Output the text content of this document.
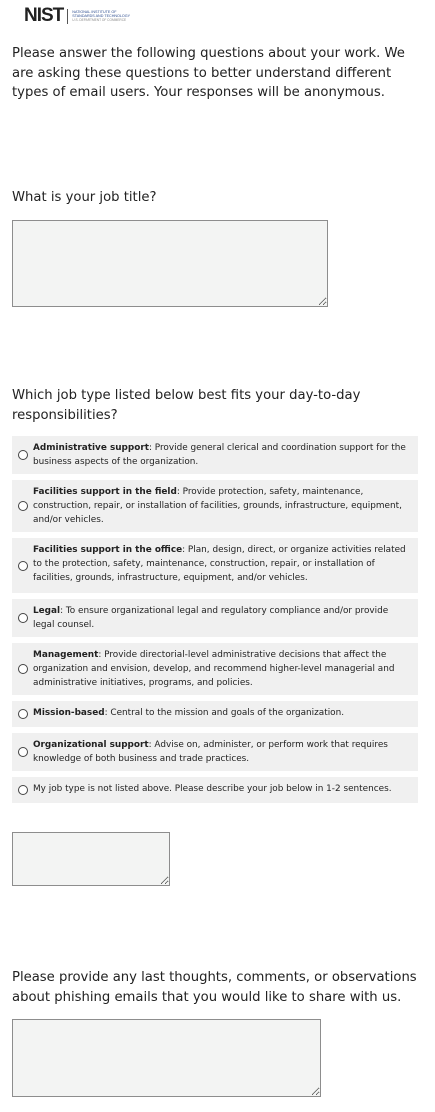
NIST NATIONAL INSTITUTE OF
STANDARDS AND TECHNOLOGY
U.S. DEPARTMENT OF COMMERCE

Please answer the following questions about your work. We are asking these questions to better understand different types of email users. Your responses will be anonymous.

What is your job title?

Which job type listed below best fits your day-to-day responsibilities?

Administrative support: Provide general clerical and coordination support for the business aspects of the organization.
Facilities support in the field: Provide protection, safety, maintenance, construction, repair, or installation of facilities, grounds, infrastructure, equipment, and/or vehicles.
Facilities support in the office: Plan, design, direct, or organize activities related to the protection, safety, maintenance, construction, repair, or installation of facilities, grounds, infrastructure, equipment, and/or vehicles.
Legal: To ensure organizational legal and regulatory compliance and/or provide legal counsel.
Management: Provide directorial-level administrative decisions that affect the organization and envision, develop, and recommend higher-level managerial and administrative initiatives, programs, and policies.
Mission-based: Central to the mission and goals of the organization.
Organizational support: Advise on, administer, or perform work that requires knowledge of both business and trade practices.
My job type is not listed above. Please describe your job below in 1-2 sentences.

Please provide any last thoughts, comments, or observations about phishing emails that you would like to share with us.
